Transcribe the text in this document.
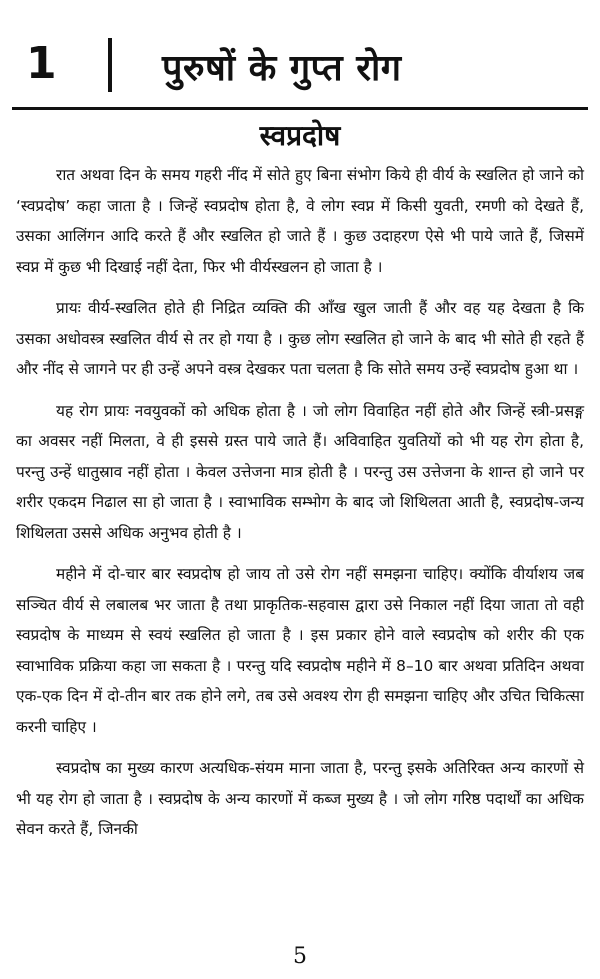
1	पुरुषों के गुप्त रोग
स्वप्रदोष

रात अथवा दिन के समय गहरी नींद में सोते हुए बिना संभोग किये ही वीर्य के स्खलित हो जाने को ‘स्वप्रदोष’ कहा जाता है । जिन्हें स्वप्रदोष होता है, वे लोग स्वप्न में किसी युवती, रमणी को देखते हैं, उसका आलिंगन आदि करते हैं और स्खलित हो जाते हैं । कुछ उदाहरण ऐसे भी पाये जाते हैं, जिसमें स्वप्न में कुछ भी दिखाई नहीं देता, फिर भी वीर्यस्खलन हो जाता है ।

प्रायः वीर्य-स्खलित होते ही निद्रित व्यक्ति की आँख खुल जाती हैं और वह यह देखता है कि उसका अधोवस्त्र स्खलित वीर्य से तर हो गया है । कुछ लोग स्खलित हो जाने के बाद भी सोते ही रहते हैं और नींद से जागने पर ही उन्हें अपने वस्त्र देखकर पता चलता है कि सोते समय उन्हें स्वप्रदोष हुआ था ।

यह रोग प्रायः नवयुवकों को अधिक होता है । जो लोग विवाहित नहीं होते और जिन्हें स्त्री-प्रसङ्ग का अवसर नहीं मिलता, वे ही इससे ग्रस्त पाये जाते हैं। अविवाहित युवतियों को भी यह रोग होता है, परन्तु उन्हें धातुस्राव नहीं होता । केवल उत्तेजना मात्र होती है । परन्तु उस उत्तेजना के शान्त हो जाने पर शरीर एकदम निढाल सा हो जाता है । स्वाभाविक सम्भोग के बाद जो शिथिलता आती है, स्वप्रदोष-जन्य शिथिलता उससे अधिक अनुभव होती है ।

महीने में दो-चार बार स्वप्रदोष हो जाय तो उसे रोग नहीं समझना चाहिए। क्योंकि वीर्याशय जब सञ्चित वीर्य से लबालब भर जाता है तथा प्राकृतिक-सहवास द्वारा उसे निकाल नहीं दिया जाता तो वही स्वप्रदोष के माध्यम से स्वयं स्खलित हो जाता है । इस प्रकार होने वाले स्वप्रदोष को शरीर की एक स्वाभाविक प्रक्रिया कहा जा सकता है । परन्तु यदि स्वप्रदोष महीने में 8–10 बार अथवा प्रतिदिन अथवा एक-एक दिन में दो-तीन बार तक होने लगे, तब उसे अवश्य रोग ही समझना चाहिए और उचित चिकित्सा करनी चाहिए ।

स्वप्रदोष का मुख्य कारण अत्यधिक-संयम माना जाता है, परन्तु इसके अतिरिक्त अन्य कारणों से भी यह रोग हो जाता है । स्वप्रदोष के अन्य कारणों में कब्ज मुख्य है । जो लोग गरिष्ठ पदार्थों का अधिक सेवन करते हैं, जिनकी

5
